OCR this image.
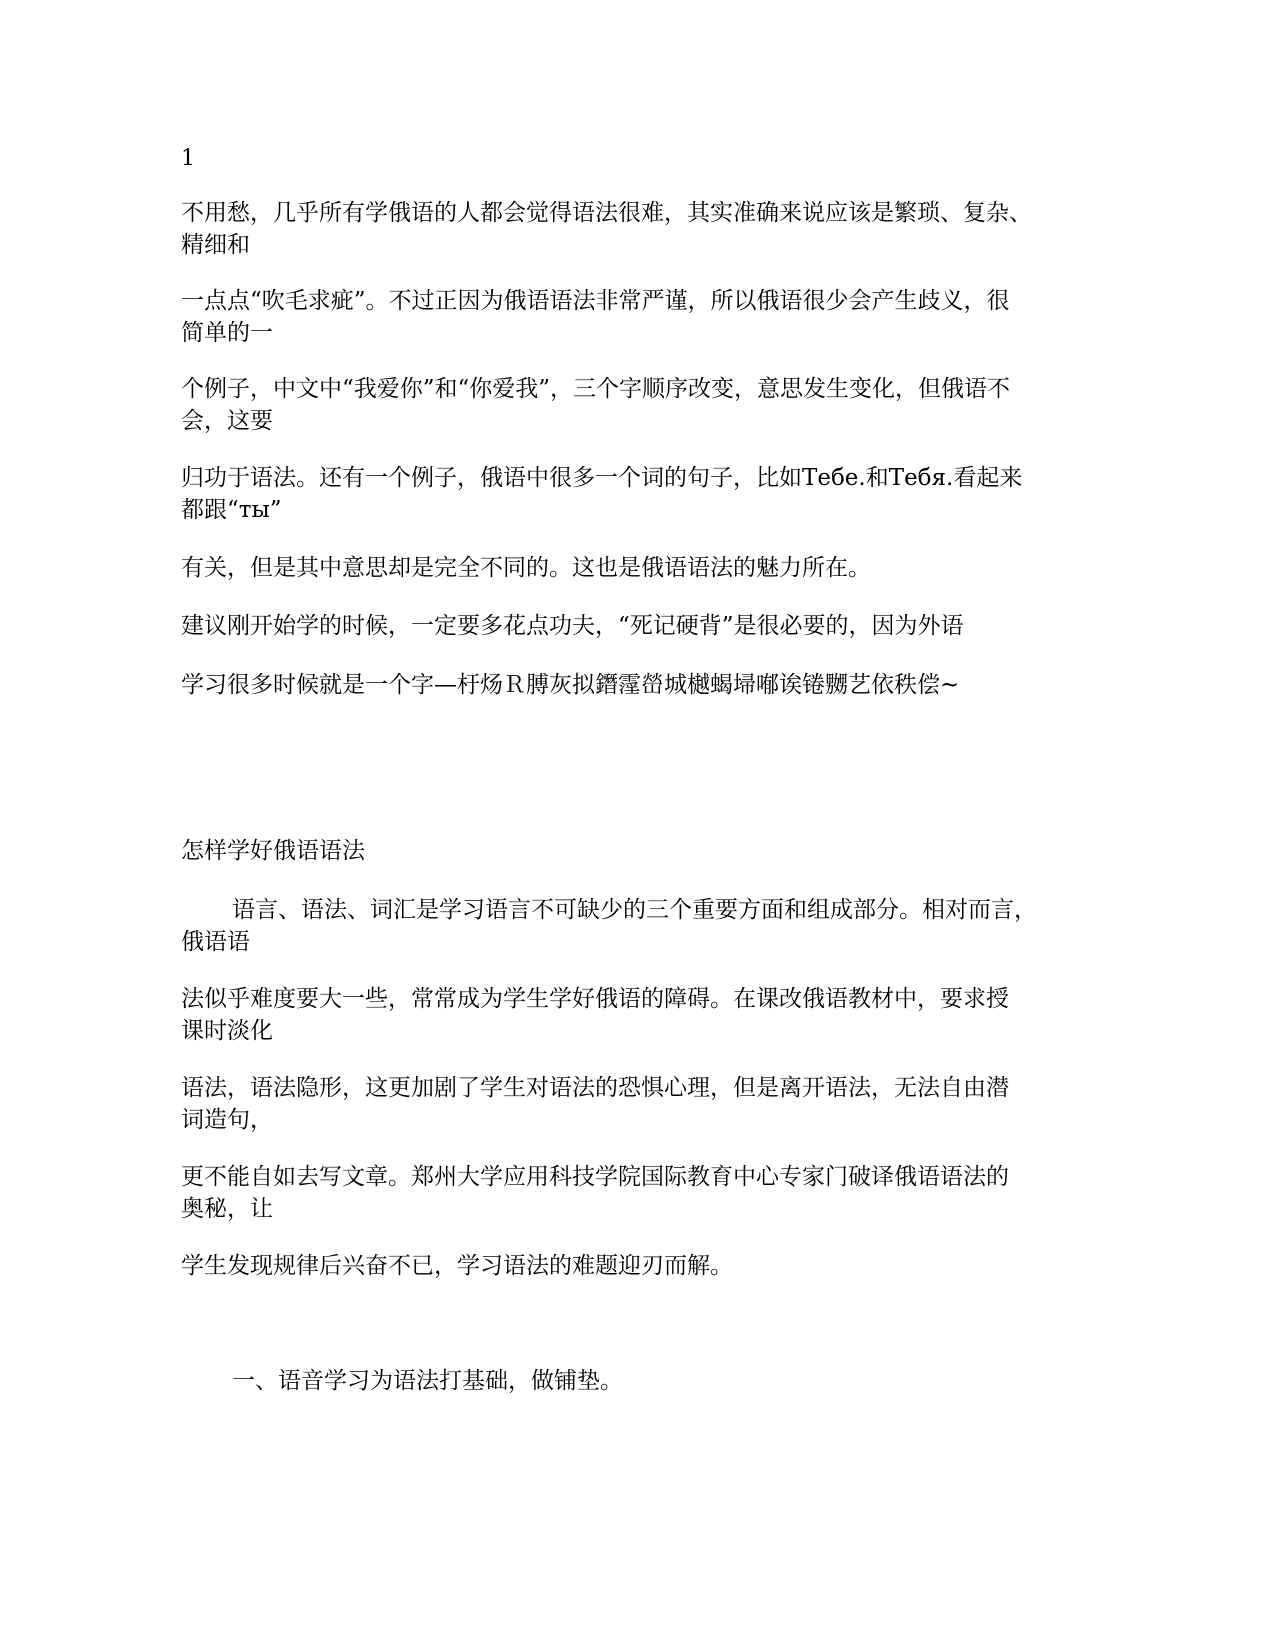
1
不用愁，几乎所有学俄语的人都会觉得语法很难，其实准确来说应该是繁琐、复杂、
精细和
一点点“吹毛求疵”。不过正因为俄语语法非常严谨，所以俄语很少会产生歧义，很
简单的一
个例子，中文中“我爱你”和“你爱我”，三个字顺序改变，意思发生变化，但俄语不
会，这要
归功于语法。还有一个例子，俄语中很多一个词的句子，比如Тебе.和Тебя.看起来
都跟“ты”
有关，但是其中意思却是完全不同的。这也是俄语语法的魅力所在。
建议刚开始学的时候，一定要多花点功夫，“死记硬背”是很必要的，因为外语
学习很多时候就是一个字—杅炀Ｒ膊灰拟鐕霪嵤城樾蝎埽喐诶锩嬲艺依秩偿~
怎样学好俄语语法
语言、语法、词汇是学习语言不可缺少的三个重要方面和组成部分。相对而言，
俄语语
法似乎难度要大一些，常常成为学生学好俄语的障碍。在课改俄语教材中，要求授
课时淡化
语法，语法隐形，这更加剧了学生对语法的恐惧心理，但是离开语法，无法自由潜
词造句，
更不能自如去写文章。郑州大学应用科技学院国际教育中心专家门破译俄语语法的
奥秘，让
学生发现规律后兴奋不已，学习语法的难题迎刃而解。
一、语音学习为语法打基础，做铺垫。
